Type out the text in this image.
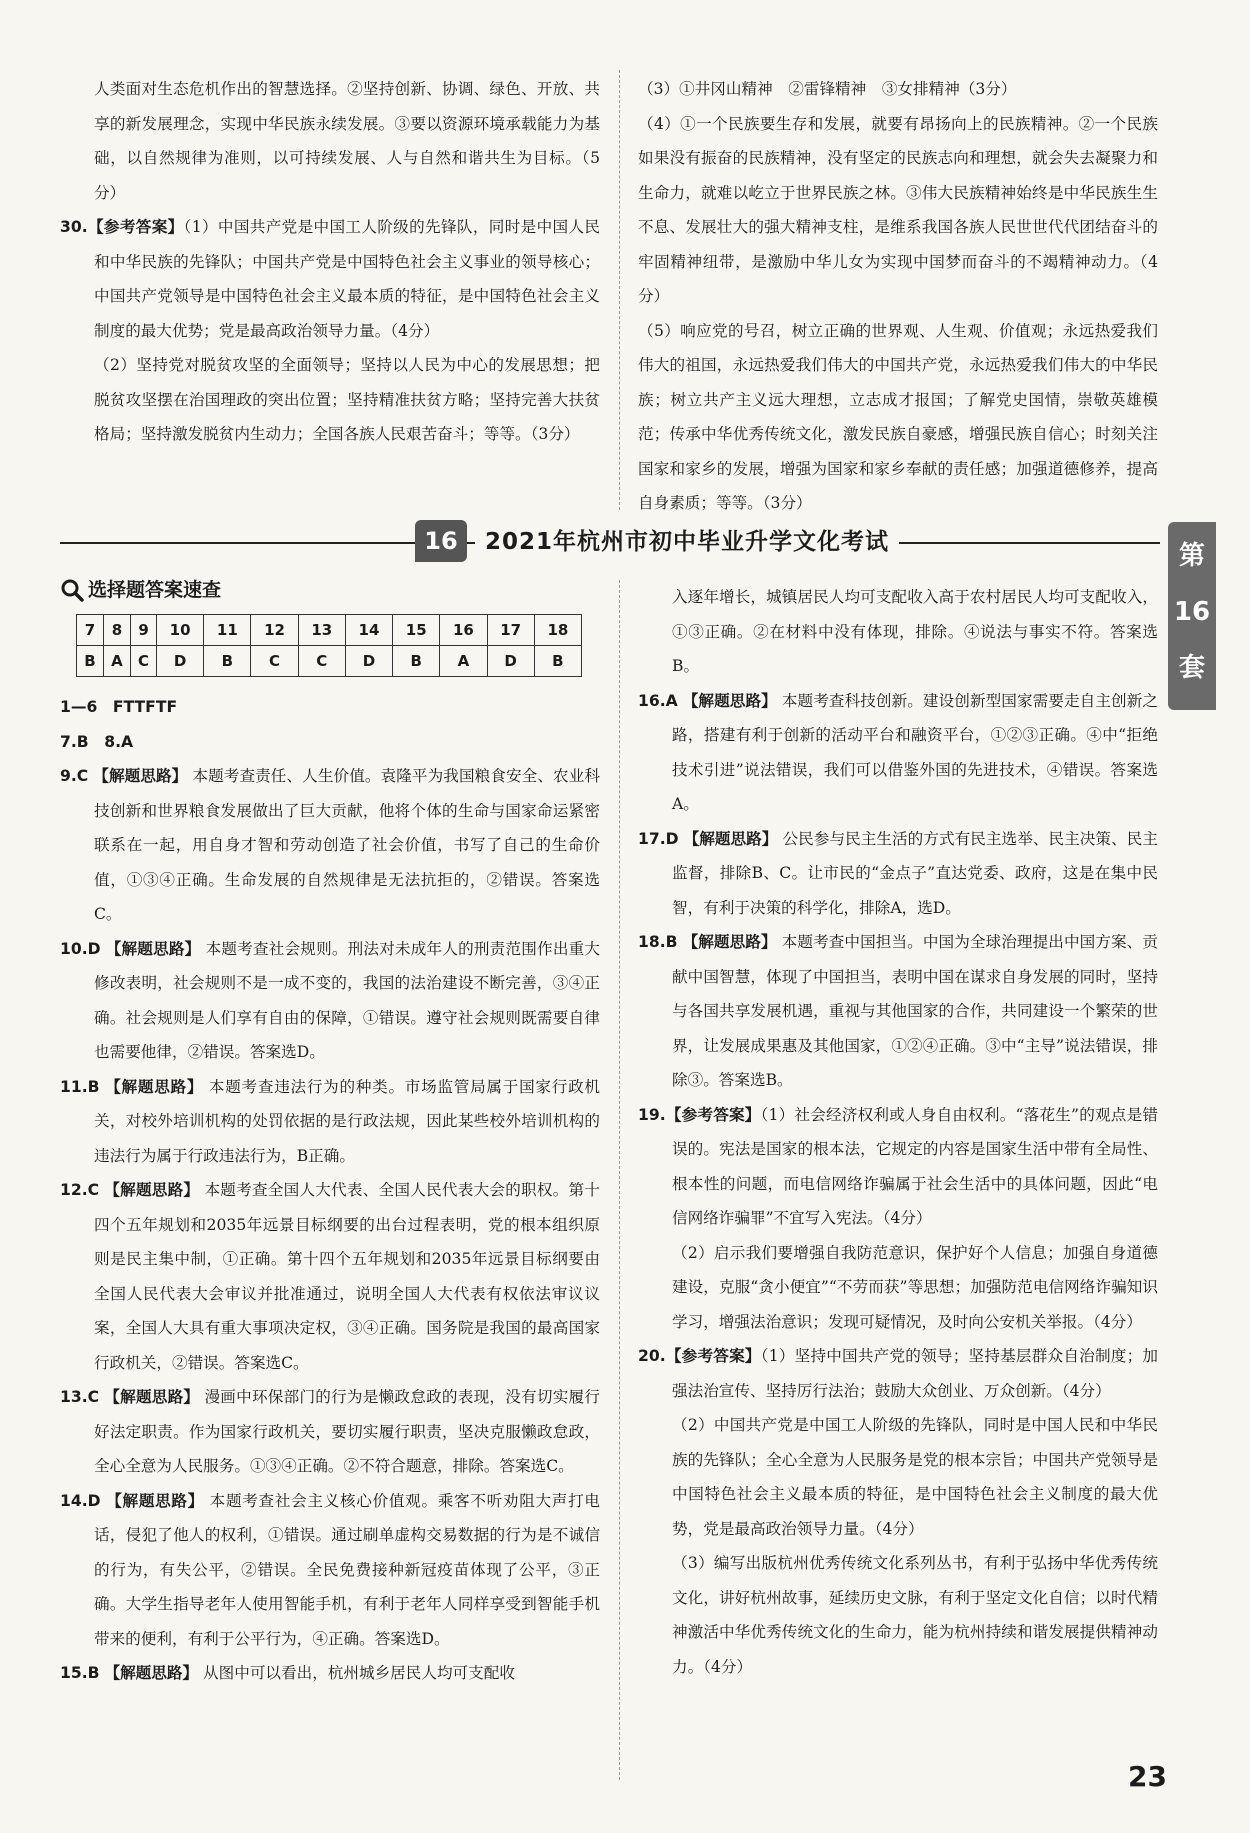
人类面对生态危机作出的智慧选择。②坚持创新、协调、绿色、开放、共享的新发展理念，实现中华民族永续发展。③要以资源环境承载能力为基础，以自然规律为准则，以可持续发展、人与自然和谐共生为目标。（5分）

30.【参考答案】（1）中国共产党是中国工人阶级的先锋队，同时是中国人民和中华民族的先锋队；中国共产党是中国特色社会主义事业的领导核心；中国共产党领导是中国特色社会主义最本质的特征，是中国特色社会主义制度的最大优势；党是最高政治领导力量。（4分）

（2）坚持党对脱贫攻坚的全面领导；坚持以人民为中心的发展思想；把脱贫攻坚摆在治国理政的突出位置；坚持精准扶贫方略；坚持完善大扶贫格局；坚持激发脱贫内生动力；全国各族人民艰苦奋斗；等等。（3分）

（3）①井冈山精神　②雷锋精神　③女排精神（3分）

（4）①一个民族要生存和发展，就要有昂扬向上的民族精神。②一个民族如果没有振奋的民族精神，没有坚定的民族志向和理想，就会失去凝聚力和生命力，就难以屹立于世界民族之林。③伟大民族精神始终是中华民族生生不息、发展壮大的强大精神支柱，是维系我国各族人民世世代代团结奋斗的牢固精神纽带，是激励中华儿女为实现中国梦而奋斗的不竭精神动力。（4分）

（5）响应党的号召，树立正确的世界观、人生观、价值观；永远热爱我们伟大的祖国，永远热爱我们伟大的中国共产党，永远热爱我们伟大的中华民族；树立共产主义远大理想，立志成才报国；了解党史国情，崇敬英雄模范；传承中华优秀传统文化，激发民族自豪感，增强民族自信心；时刻关注国家和家乡的发展，增强为国家和家乡奉献的责任感；加强道德修养，提高自身素质；等等。（3分）

16	2021年杭州市初中毕业升学文化考试
选择题答案速查
7	8	9	10	11	12	13	14	15	16	17	18
B	A	C	D	B	C	C	D	B	A	D	B

1—6　FTTFTF

7.B　8.A

9.C 【解题思路】 本题考查责任、人生价值。袁隆平为我国粮食安全、农业科技创新和世界粮食发展做出了巨大贡献，他将个体的生命与国家命运紧密联系在一起，用自身才智和劳动创造了社会价值，书写了自己的生命价值，①③④正确。生命发展的自然规律是无法抗拒的，②错误。答案选C。

10.D 【解题思路】 本题考查社会规则。刑法对未成年人的刑责范围作出重大修改表明，社会规则不是一成不变的，我国的法治建设不断完善，③④正确。社会规则是人们享有自由的保障，①错误。遵守社会规则既需要自律也需要他律，②错误。答案选D。

11.B 【解题思路】 本题考查违法行为的种类。市场监管局属于国家行政机关，对校外培训机构的处罚依据的是行政法规，因此某些校外培训机构的违法行为属于行政违法行为，B正确。

12.C 【解题思路】 本题考查全国人大代表、全国人民代表大会的职权。第十四个五年规划和2035年远景目标纲要的出台过程表明，党的根本组织原则是民主集中制，①正确。第十四个五年规划和2035年远景目标纲要由全国人民代表大会审议并批准通过，说明全国人大代表有权依法审议议案，全国人大具有重大事项决定权，③④正确。国务院是我国的最高国家行政机关，②错误。答案选C。

13.C 【解题思路】 漫画中环保部门的行为是懒政怠政的表现，没有切实履行好法定职责。作为国家行政机关，要切实履行职责，坚决克服懒政怠政，全心全意为人民服务。①③④正确。②不符合题意，排除。答案选C。

14.D 【解题思路】 本题考查社会主义核心价值观。乘客不听劝阻大声打电话，侵犯了他人的权利，①错误。通过刷单虚构交易数据的行为是不诚信的行为，有失公平，②错误。全民免费接种新冠疫苗体现了公平，③正确。大学生指导老年人使用智能手机，有利于老年人同样享受到智能手机带来的便利，有利于公平行为，④正确。答案选D。

15.B 【解题思路】 从图中可以看出，杭州城乡居民人均可支配收

入逐年增长，城镇居民人均可支配收入高于农村居民人均可支配收入，①③正确。②在材料中没有体现，排除。④说法与事实不符。答案选B。

16.A 【解题思路】 本题考查科技创新。建设创新型国家需要走自主创新之路，搭建有利于创新的活动平台和融资平台，①②③正确。④中“拒绝技术引进”说法错误，我们可以借鉴外国的先进技术，④错误。答案选A。

17.D 【解题思路】 公民参与民主生活的方式有民主选举、民主决策、民主监督，排除B、C。让市民的“金点子”直达党委、政府，这是在集中民智，有利于决策的科学化，排除A，选D。

18.B 【解题思路】 本题考查中国担当。中国为全球治理提出中国方案、贡献中国智慧，体现了中国担当，表明中国在谋求自身发展的同时，坚持与各国共享发展机遇，重视与其他国家的合作，共同建设一个繁荣的世界，让发展成果惠及其他国家，①②④正确。③中“主导”说法错误，排除③。答案选B。

19.【参考答案】（1）社会经济权利或人身自由权利。“落花生”的观点是错误的。宪法是国家的根本法，它规定的内容是国家生活中带有全局性、根本性的问题，而电信网络诈骗属于社会生活中的具体问题，因此“电信网络诈骗罪”不宜写入宪法。（4分）

（2）启示我们要增强自我防范意识，保护好个人信息；加强自身道德建设，克服“贪小便宜”“不劳而获”等思想；加强防范电信网络诈骗知识学习，增强法治意识；发现可疑情况，及时向公安机关举报。（4分）

20.【参考答案】（1）坚持中国共产党的领导；坚持基层群众自治制度；加强法治宣传、坚持厉行法治；鼓励大众创业、万众创新。（4分）

（2）中国共产党是中国工人阶级的先锋队，同时是中国人民和中华民族的先锋队；全心全意为人民服务是党的根本宗旨；中国共产党领导是中国特色社会主义最本质的特征，是中国特色社会主义制度的最大优势，党是最高政治领导力量。（4分）

（3）编写出版杭州优秀传统文化系列丛书，有利于弘扬中华优秀传统文化，讲好杭州故事，延续历史文脉，有利于坚定文化自信；以时代精神激活中华优秀传统文化的生命力，能为杭州持续和谐发展提供精神动力。（4分）

第
16
套
23
